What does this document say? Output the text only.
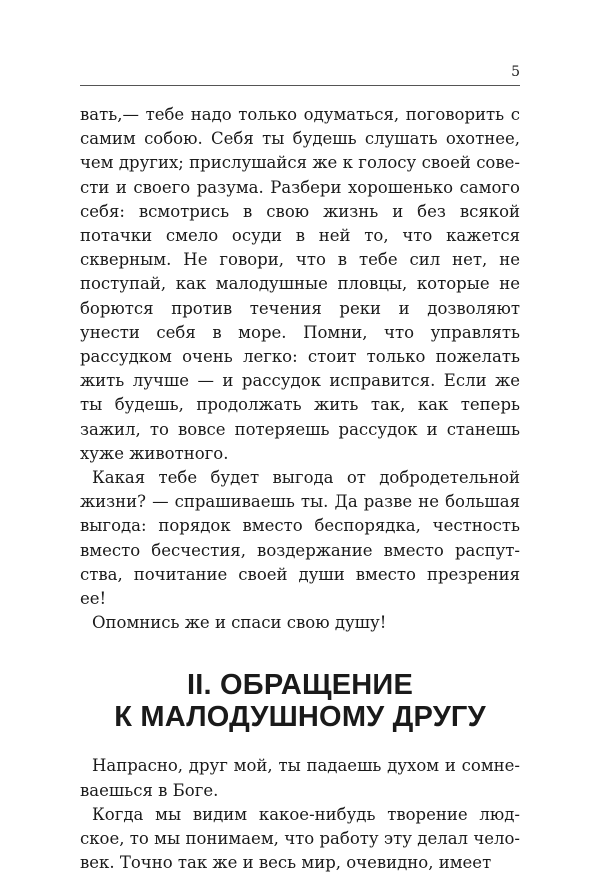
5

вать,— тебе надо только одуматься, поговорить с самим собою. Себя ты будешь слушать охотнее, чем других; прислушайся же к голосу своей совести и своего разума. Разбери хорошенько самого себя: всмотрись в свою жизнь и без всякой потачки смело осуди в ней то, что кажется скверным. Не говори, что в тебе сил нет, не поступай, как малодушные пловцы, которые не борются против течения реки и дозволяют унести себя в море. Помни, что управлять рассудком очень легко: стоит только пожелать жить лучше — и рассудок исправится. Если же ты будешь, продолжать жить так, как теперь зажил, то вовсе потеряешь рассудок и станешь хуже животного.

Какая тебе будет выгода от добродетельной жизни? — спрашиваешь ты. Да разве не большая выгода: порядок вместо беспорядка, честность вместо бесчестия, воздержание вместо распутства, почитание своей души вместо презрения ее!

Опомнись же и спаси свою душу!

II. ОБРАЩЕНИЕ
К МАЛОДУШНОМУ ДРУГУ

Напрасно, друг мой, ты падаешь духом и сомневаешься в Боге.

Когда мы видим какое-нибудь творение людское, то мы понимаем, что работу эту делал человек. Точно так же и весь мир, очевидно, имеет
